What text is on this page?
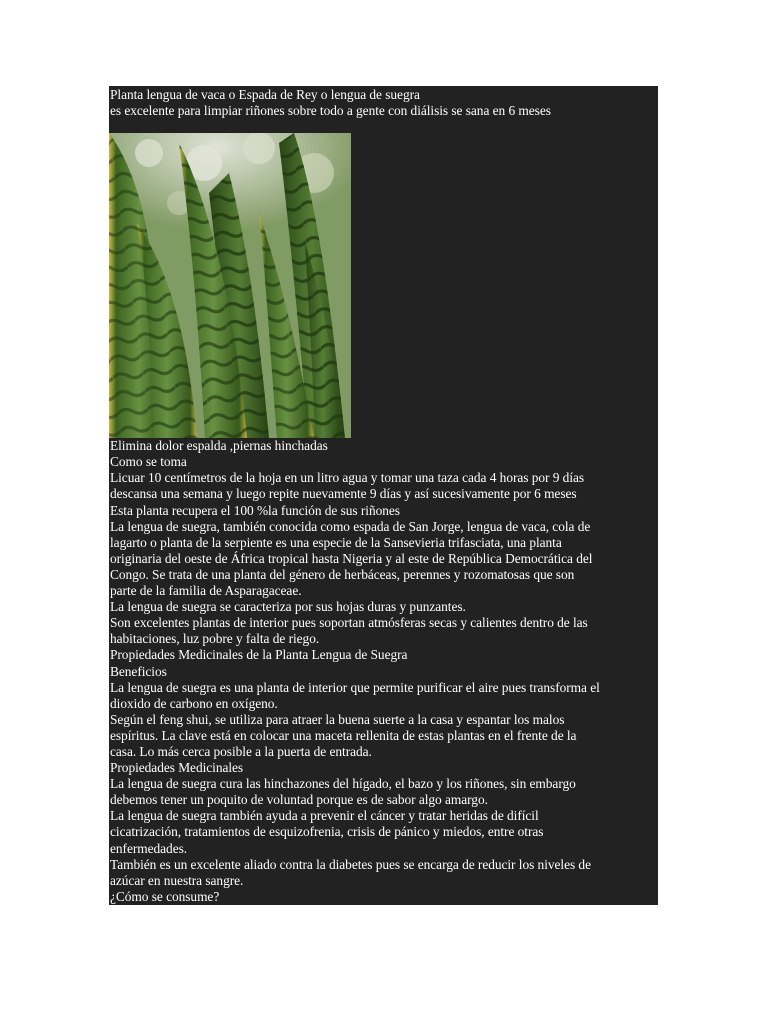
Planta lengua de vaca o Espada de Rey o lengua de suegra

es excelente para limpiar riñones sobre todo a gente con diálisis se sana en 6 meses

Elimina dolor espalda ,piernas hinchadas

Como se toma

Licuar 10 centímetros de la hoja en un litro agua y tomar una taza cada 4 horas por 9 días

descansa una semana y luego repite nuevamente 9 días y así sucesivamente por 6 meses

Esta planta recupera el 100 %la función de sus riñones

La lengua de suegra, también conocida como espada de San Jorge, lengua de vaca, cola de

lagarto o planta de la serpiente es una especie de la Sansevieria trifasciata, una planta

originaria del oeste de África tropical hasta Nigeria y al este de República Democrática del

Congo. Se trata de una planta del género de herbáceas, perennes y rozomatosas que son

parte de la familia de Asparagaceae.

La lengua de suegra se caracteriza por sus hojas duras y punzantes.

Son excelentes plantas de interior pues soportan atmósferas secas y calientes dentro de las

habitaciones, luz pobre y falta de riego.

Propiedades Medicinales de la Planta Lengua de Suegra

Beneficios

La lengua de suegra es una planta de interior que permite purificar el aire pues transforma el

dioxido de carbono en oxígeno.

Según el feng shui, se utiliza para atraer la buena suerte a la casa y espantar los malos

espíritus. La clave está en colocar una maceta rellenita de estas plantas en el frente de la

casa. Lo más cerca posible a la puerta de entrada.

Propiedades Medicinales

La lengua de suegra cura las hinchazones del hígado, el bazo y los riñones, sin embargo

debemos tener un poquito de voluntad porque es de sabor algo amargo.

La lengua de suegra también ayuda a prevenir el cáncer y tratar heridas de difícil

cicatrización, tratamientos de esquizofrenia, crisis de pánico y miedos, entre otras

enfermedades.

También es un excelente aliado contra la diabetes pues se encarga de reducir los niveles de

azúcar en nuestra sangre.

¿Cómo se consume?
